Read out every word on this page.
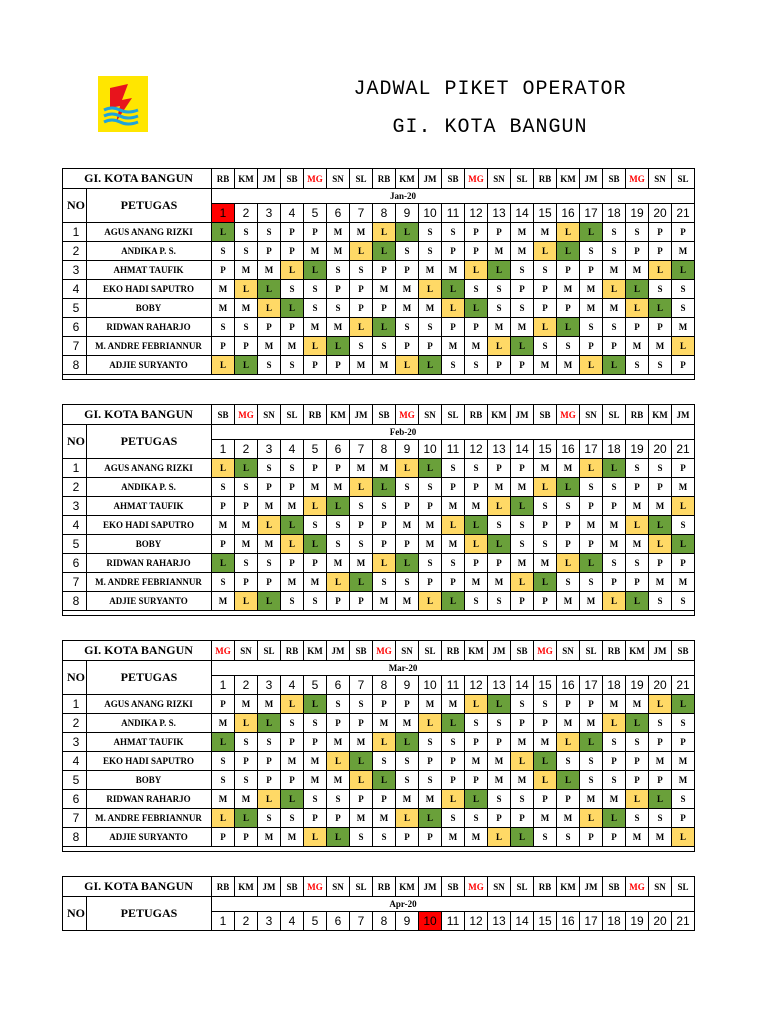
JADWAL PIKET OPERATOR
GI. KOTA BANGUN
GI. KOTA BANGUN		RB	KM	JM	SB	MG	SN	SL	RB	KM	JM	SB	MG	SN	SL	RB	KM	JM	SB	MG	SN	SL
NO	PETUGAS	Jan-20																				
		1	2	3	4	5	6	7	8	9	10	11	12	13	14	15	16	17	18	19	20	21
1	AGUS ANANG RIZKI	L	S	S	P	P	M	M	L	L	S	S	P	P	M	M	L	L	S	S	P	P
2	ANDIKA P. S.	S	S	P	P	M	M	L	L	S	S	P	P	M	M	L	L	S	S	P	P	M
3	AHMAT TAUFIK	P	M	M	L	L	S	S	P	P	M	M	L	L	S	S	P	P	M	M	L	L
4	EKO HADI SAPUTRO	M	L	L	S	S	P	P	M	M	L	L	S	S	P	P	M	M	L	L	S	S
5	BOBY	M	M	L	L	S	S	P	P	M	M	L	L	S	S	P	P	M	M	L	L	S
6	RIDWAN RAHARJO	S	S	P	P	M	M	L	L	S	S	P	P	M	M	L	L	S	S	P	P	M
7	M. ANDRE FEBRIANNUR	P	P	M	M	L	L	S	S	P	P	M	M	L	L	S	S	P	P	M	M	L
8	ADJIE SURYANTO	L	L	S	S	P	P	M	M	L	L	S	S	P	P	M	M	L	L	S	S	P

GI. KOTA BANGUN		SB	MG	SN	SL	RB	KM	JM	SB	MG	SN	SL	RB	KM	JM	SB	MG	SN	SL	RB	KM	JM
NO	PETUGAS	Feb-20																				
		1	2	3	4	5	6	7	8	9	10	11	12	13	14	15	16	17	18	19	20	21
1	AGUS ANANG RIZKI	L	L	S	S	P	P	M	M	L	L	S	S	P	P	M	M	L	L	S	S	P
2	ANDIKA P. S.	S	S	P	P	M	M	L	L	S	S	P	P	M	M	L	L	S	S	P	P	M
3	AHMAT TAUFIK	P	P	M	M	L	L	S	S	P	P	M	M	L	L	S	S	P	P	M	M	L
4	EKO HADI SAPUTRO	M	M	L	L	S	S	P	P	M	M	L	L	S	S	P	P	M	M	L	L	S
5	BOBY	P	M	M	L	L	S	S	P	P	M	M	L	L	S	S	P	P	M	M	L	L
6	RIDWAN RAHARJO	L	S	S	P	P	M	M	L	L	S	S	P	P	M	M	L	L	S	S	P	P
7	M. ANDRE FEBRIANNUR	S	P	P	M	M	L	L	S	S	P	P	M	M	L	L	S	S	P	P	M	M
8	ADJIE SURYANTO	M	L	L	S	S	P	P	M	M	L	L	S	S	P	P	M	M	L	L	S	S

GI. KOTA BANGUN		MG	SN	SL	RB	KM	JM	SB	MG	SN	SL	RB	KM	JM	SB	MG	SN	SL	RB	KM	JM	SB
NO	PETUGAS	Mar-20																				
		1	2	3	4	5	6	7	8	9	10	11	12	13	14	15	16	17	18	19	20	21
1	AGUS ANANG RIZKI	P	M	M	L	L	S	S	P	P	M	M	L	L	S	S	P	P	M	M	L	L
2	ANDIKA P. S.	M	L	L	S	S	P	P	M	M	L	L	S	S	P	P	M	M	L	L	S	S
3	AHMAT TAUFIK	L	S	S	P	P	M	M	L	L	S	S	P	P	M	M	L	L	S	S	P	P
4	EKO HADI SAPUTRO	S	P	P	M	M	L	L	S	S	P	P	M	M	L	L	S	S	P	P	M	M
5	BOBY	S	S	P	P	M	M	L	L	S	S	P	P	M	M	L	L	S	S	P	P	M
6	RIDWAN RAHARJO	M	M	L	L	S	S	P	P	M	M	L	L	S	S	P	P	M	M	L	L	S
7	M. ANDRE FEBRIANNUR	L	L	S	S	P	P	M	M	L	L	S	S	P	P	M	M	L	L	S	S	P
8	ADJIE SURYANTO	P	P	M	M	L	L	S	S	P	P	M	M	L	L	S	S	P	P	M	M	L

GI. KOTA BANGUN		RB	KM	JM	SB	MG	SN	SL	RB	KM	JM	SB	MG	SN	SL	RB	KM	JM	SB	MG	SN	SL
NO	PETUGAS	Apr-20																				
		1	2	3	4	5	6	7	8	9	10	11	12	13	14	15	16	17	18	19	20	21
